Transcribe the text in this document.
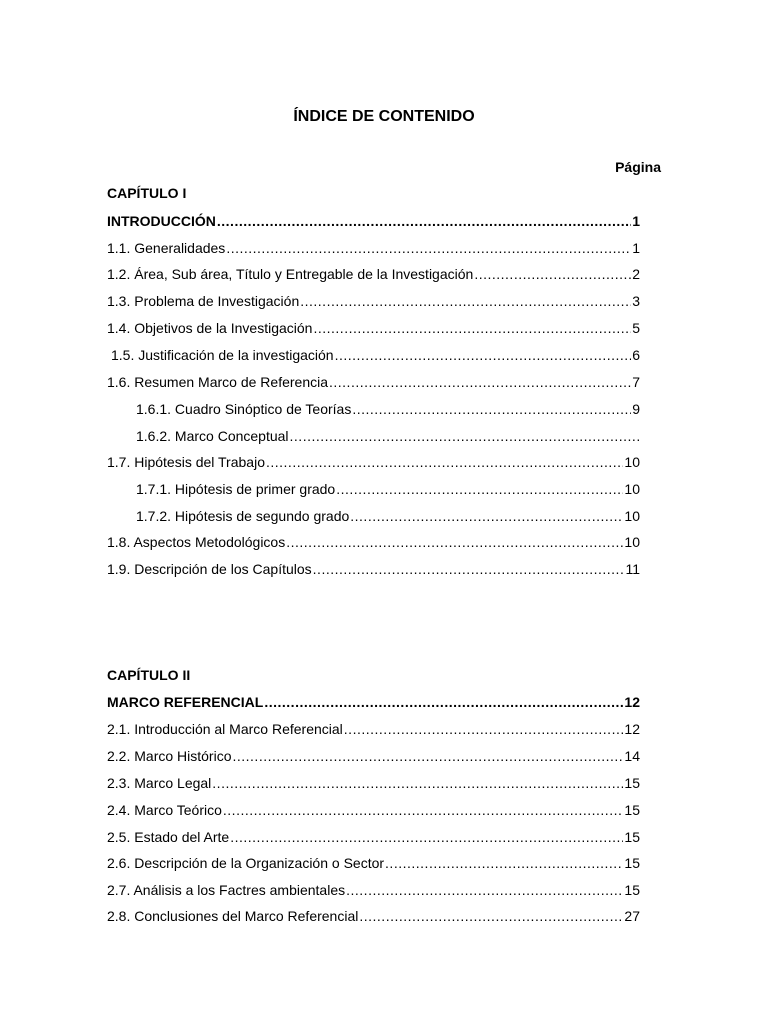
ÍNDICE DE CONTENIDO
Página
CAPÍTULO I
INTRODUCCIÓN .....	1
1.1. Generalidades .....	1
1.2. Área, Sub área, Título y Entregable de la Investigación .....	2
1.3. Problema de Investigación .....	3
1.4. Objetivos de la Investigación .....	5
1.5. Justificación de la investigación .....	6
1.6. Resumen Marco de Referencia .....	7
1.6.1. Cuadro Sinóptico de Teorías .....	9
1.6.2. Marco Conceptual
.....
1.7. Hipótesis del Trabajo .....	10
1.7.1. Hipótesis de primer grado .....	10
1.7.2. Hipótesis de segundo grado .....	10
1.8. Aspectos Metodológicos .....	10
1.9. Descripción de los Capítulos .....	11
CAPÍTULO II
MARCO REFERENCIAL .....	12
2.1. Introducción al Marco Referencial .....	12
2.2. Marco Histórico .....	14
2.3. Marco Legal .....	15
2.4. Marco Teórico .....	15
2.5. Estado del Arte .....	15
2.6. Descripción de la Organización o Sector .....	15
2.7. Análisis a los Factres ambientales .....	15
2.8. Conclusiones del Marco Referencial .....	27
